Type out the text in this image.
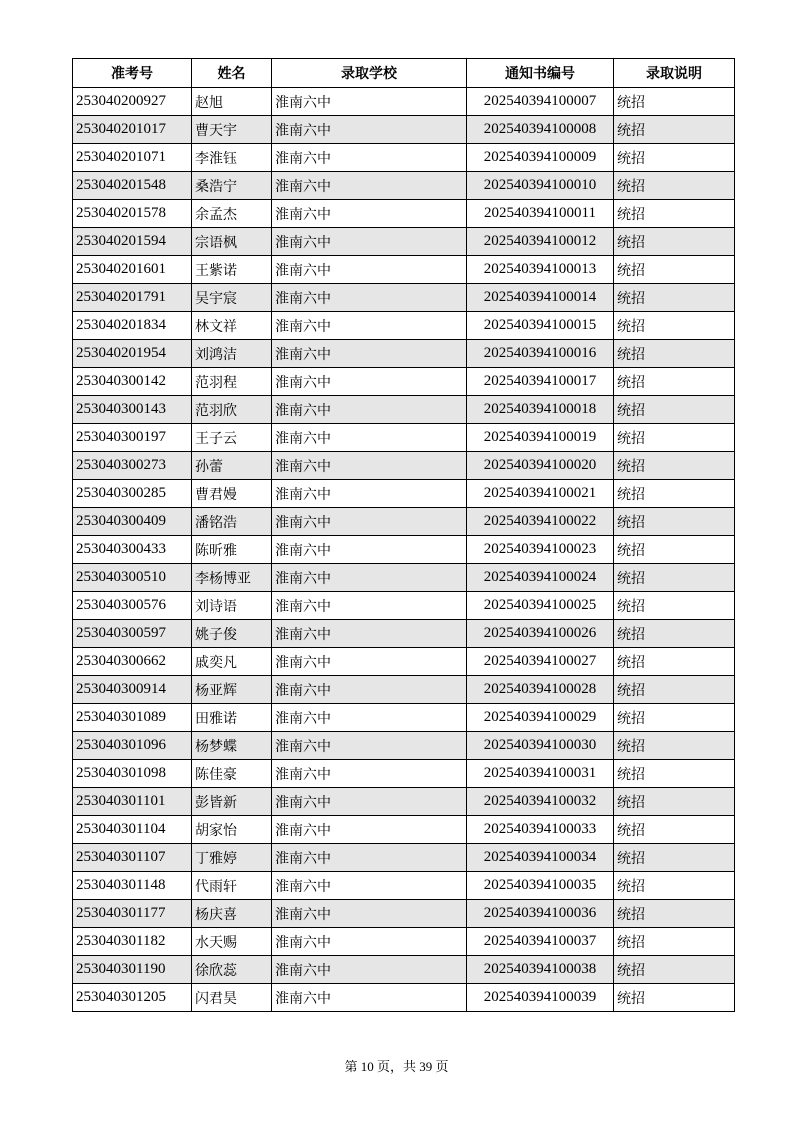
准考号	姓名	录取学校	通知书编号	录取说明
253040200927	赵旭	淮南六中	202540394100007	统招
253040201017	曹天宇	淮南六中	202540394100008	统招
253040201071	李淮钰	淮南六中	202540394100009	统招
253040201548	桑浩宁	淮南六中	202540394100010	统招
253040201578	余孟杰	淮南六中	202540394100011	统招
253040201594	宗语枫	淮南六中	202540394100012	统招
253040201601	王紫诺	淮南六中	202540394100013	统招
253040201791	吴宇宸	淮南六中	202540394100014	统招
253040201834	林文祥	淮南六中	202540394100015	统招
253040201954	刘鸿洁	淮南六中	202540394100016	统招
253040300142	范羽程	淮南六中	202540394100017	统招
253040300143	范羽欣	淮南六中	202540394100018	统招
253040300197	王子云	淮南六中	202540394100019	统招
253040300273	孙蕾	淮南六中	202540394100020	统招
253040300285	曹君嫚	淮南六中	202540394100021	统招
253040300409	潘铭浩	淮南六中	202540394100022	统招
253040300433	陈昕雅	淮南六中	202540394100023	统招
253040300510	李杨博亚	淮南六中	202540394100024	统招
253040300576	刘诗语	淮南六中	202540394100025	统招
253040300597	姚子俊	淮南六中	202540394100026	统招
253040300662	戚奕凡	淮南六中	202540394100027	统招
253040300914	杨亚辉	淮南六中	202540394100028	统招
253040301089	田雅诺	淮南六中	202540394100029	统招
253040301096	杨梦蝶	淮南六中	202540394100030	统招
253040301098	陈佳豪	淮南六中	202540394100031	统招
253040301101	彭皆新	淮南六中	202540394100032	统招
253040301104	胡家怡	淮南六中	202540394100033	统招
253040301107	丁雅婷	淮南六中	202540394100034	统招
253040301148	代雨轩	淮南六中	202540394100035	统招
253040301177	杨庆喜	淮南六中	202540394100036	统招
253040301182	水天赐	淮南六中	202540394100037	统招
253040301190	徐欣蕊	淮南六中	202540394100038	统招
253040301205	闪君昊	淮南六中	202540394100039	统招
第 10 页，共 39 页
